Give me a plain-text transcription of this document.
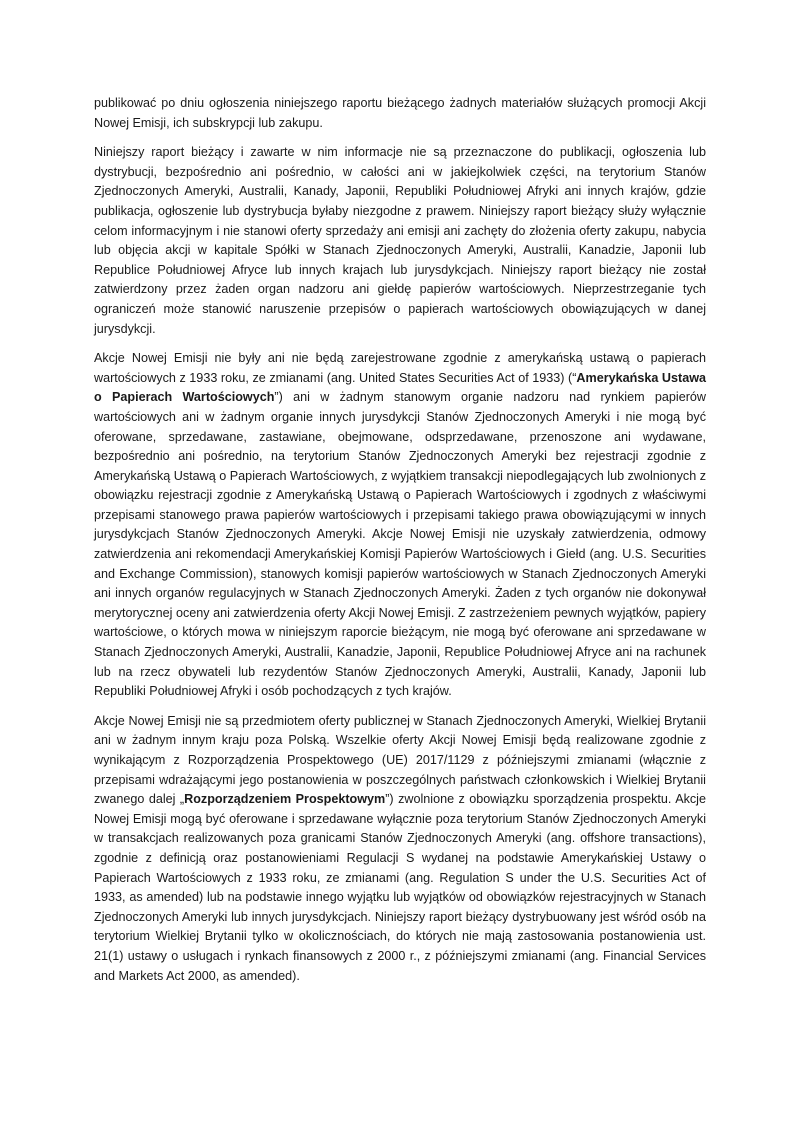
publikować po dniu ogłoszenia niniejszego raportu bieżącego żadnych materiałów służących promocji Akcji Nowej Emisji, ich subskrypcji lub zakupu.

Niniejszy raport bieżący i zawarte w nim informacje nie są przeznaczone do publikacji, ogłoszenia lub dystrybucji, bezpośrednio ani pośrednio, w całości ani w jakiejkolwiek części, na terytorium Stanów Zjednoczonych Ameryki, Australii, Kanady, Japonii, Republiki Południowej Afryki ani innych krajów, gdzie publikacja, ogłoszenie lub dystrybucja byłaby niezgodne z prawem. Niniejszy raport bieżący służy wyłącznie celom informacyjnym i nie stanowi oferty sprzedaży ani emisji ani zachęty do złożenia oferty zakupu, nabycia lub objęcia akcji w kapitale Spółki w Stanach Zjednoczonych Ameryki, Australii, Kanadzie, Japonii lub Republice Południowej Afryce lub innych krajach lub jurysdykcjach. Niniejszy raport bieżący nie został zatwierdzony przez żaden organ nadzoru ani giełdę papierów wartościowych. Nieprzestrzeganie tych ograniczeń może stanowić naruszenie przepisów o papierach wartościowych obowiązujących w danej jurysdykcji.

Akcje Nowej Emisji nie były ani nie będą zarejestrowane zgodnie z amerykańską ustawą o papierach wartościowych z 1933 roku, ze zmianami (ang. United States Securities Act of 1933) (“Amerykańska Ustawa o Papierach Wartościowych”) ani w żadnym stanowym organie nadzoru nad rynkiem papierów wartościowych ani w żadnym organie innych jurysdykcji Stanów Zjednoczonych Ameryki i nie mogą być oferowane, sprzedawane, zastawiane, obejmowane, odsprzedawane, przenoszone ani wydawane, bezpośrednio ani pośrednio, na terytorium Stanów Zjednoczonych Ameryki bez rejestracji zgodnie z Amerykańską Ustawą o Papierach Wartościowych, z wyjątkiem transakcji niepodlegających lub zwolnionych z obowiązku rejestracji zgodnie z Amerykańską Ustawą o Papierach Wartościowych i zgodnych z właściwymi przepisami stanowego prawa papierów wartościowych i przepisami takiego prawa obowiązującymi w innych jurysdykcjach Stanów Zjednoczonych Ameryki. Akcje Nowej Emisji nie uzyskały zatwierdzenia, odmowy zatwierdzenia ani rekomendacji Amerykańskiej Komisji Papierów Wartościowych i Giełd (ang. U.S. Securities and Exchange Commission), stanowych komisji papierów wartościowych w Stanach Zjednoczonych Ameryki ani innych organów regulacyjnych w Stanach Zjednoczonych Ameryki. Żaden z tych organów nie dokonywał merytorycznej oceny ani zatwierdzenia oferty Akcji Nowej Emisji. Z zastrzeżeniem pewnych wyjątków, papiery wartościowe, o których mowa w niniejszym raporcie bieżącym, nie mogą być oferowane ani sprzedawane w Stanach Zjednoczonych Ameryki, Australii, Kanadzie, Japonii, Republice Południowej Afryce ani na rachunek lub na rzecz obywateli lub rezydentów Stanów Zjednoczonych Ameryki, Australii, Kanady, Japonii lub Republiki Południowej Afryki i osób pochodzących z tych krajów.

Akcje Nowej Emisji nie są przedmiotem oferty publicznej w Stanach Zjednoczonych Ameryki, Wielkiej Brytanii ani w żadnym innym kraju poza Polską. Wszelkie oferty Akcji Nowej Emisji będą realizowane zgodnie z wynikającym z Rozporządzenia Prospektowego (UE) 2017/1129 z późniejszymi zmianami (włącznie z przepisami wdrażającymi jego postanowienia w poszczególnych państwach członkowskich i Wielkiej Brytanii zwanego dalej „Rozporządzeniem Prospektowym”) zwolnione z obowiązku sporządzenia prospektu. Akcje Nowej Emisji mogą być oferowane i sprzedawane wyłącznie poza terytorium Stanów Zjednoczonych Ameryki w transakcjach realizowanych poza granicami Stanów Zjednoczonych Ameryki (ang. offshore transactions), zgodnie z definicją oraz postanowieniami Regulacji S wydanej na podstawie Amerykańskiej Ustawy o Papierach Wartościowych z 1933 roku, ze zmianami (ang. Regulation S under the U.S. Securities Act of 1933, as amended) lub na podstawie innego wyjątku lub wyjątków od obowiązków rejestracyjnych w Stanach Zjednoczonych Ameryki lub innych jurysdykcjach. Niniejszy raport bieżący dystrybuowany jest wśród osób na terytorium Wielkiej Brytanii tylko w okolicznościach, do których nie mają zastosowania postanowienia ust. 21(1) ustawy o usługach i rynkach finansowych z 2000 r., z późniejszymi zmianami (ang. Financial Services and Markets Act 2000, as amended).
